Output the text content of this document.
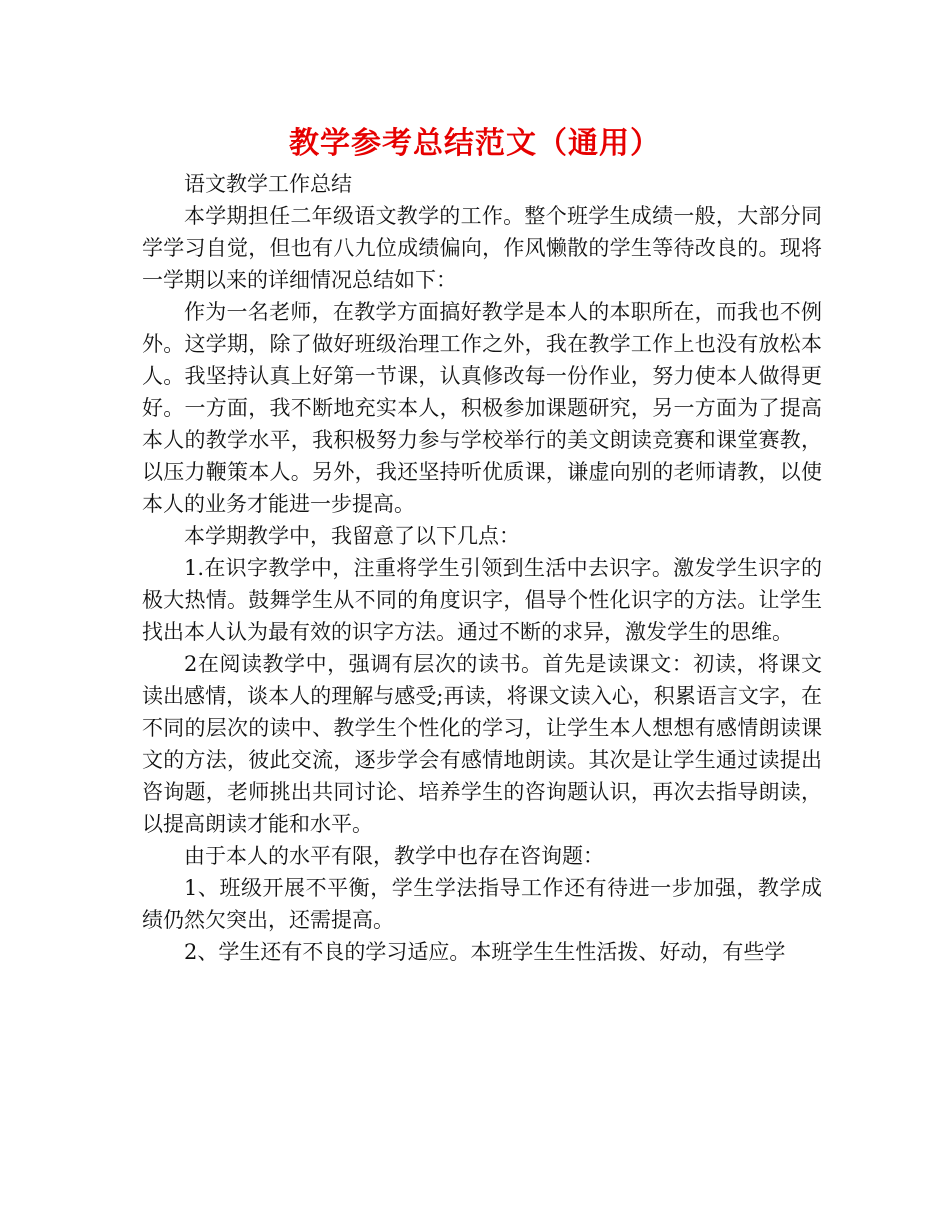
教学参考总结范文（通用）

语文教学工作总结

本学期担任二年级语文教学的工作。整个班学生成绩一般，大部分同学学习自觉，但也有八九位成绩偏向，作风懒散的学生等待改良的。现将一学期以来的详细情况总结如下：

作为一名老师，在教学方面搞好教学是本人的本职所在，而我也不例外。这学期，除了做好班级治理工作之外，我在教学工作上也没有放松本人。我坚持认真上好第一节课，认真修改每一份作业，努力使本人做得更好。一方面，我不断地充实本人，积极参加课题研究，另一方面为了提高本人的教学水平，我积极努力参与学校举行的美文朗读竞赛和课堂赛教，以压力鞭策本人。另外，我还坚持听优质课，谦虚向别的老师请教，以使本人的业务才能进一步提高。

本学期教学中，我留意了以下几点：

1.在识字教学中，注重将学生引领到生活中去识字。激发学生识字的极大热情。鼓舞学生从不同的角度识字，倡导个性化识字的方法。让学生找出本人认为最有效的识字方法。通过不断的求异，激发学生的思维。

2在阅读教学中，强调有层次的读书。首先是读课文：初读，将课文读出感情，谈本人的理解与感受;再读，将课文读入心，积累语言文字，在不同的层次的读中、教学生个性化的学习，让学生本人想想有感情朗读课文的方法，彼此交流，逐步学会有感情地朗读。其次是让学生通过读提出咨询题，老师挑出共同讨论、培养学生的咨询题认识，再次去指导朗读，以提高朗读才能和水平。

由于本人的水平有限，教学中也存在咨询题：

1、班级开展不平衡，学生学法指导工作还有待进一步加强，教学成绩仍然欠突出，还需提高。

2、学生还有不良的学习适应。本班学生生性活拨、好动，有些学
